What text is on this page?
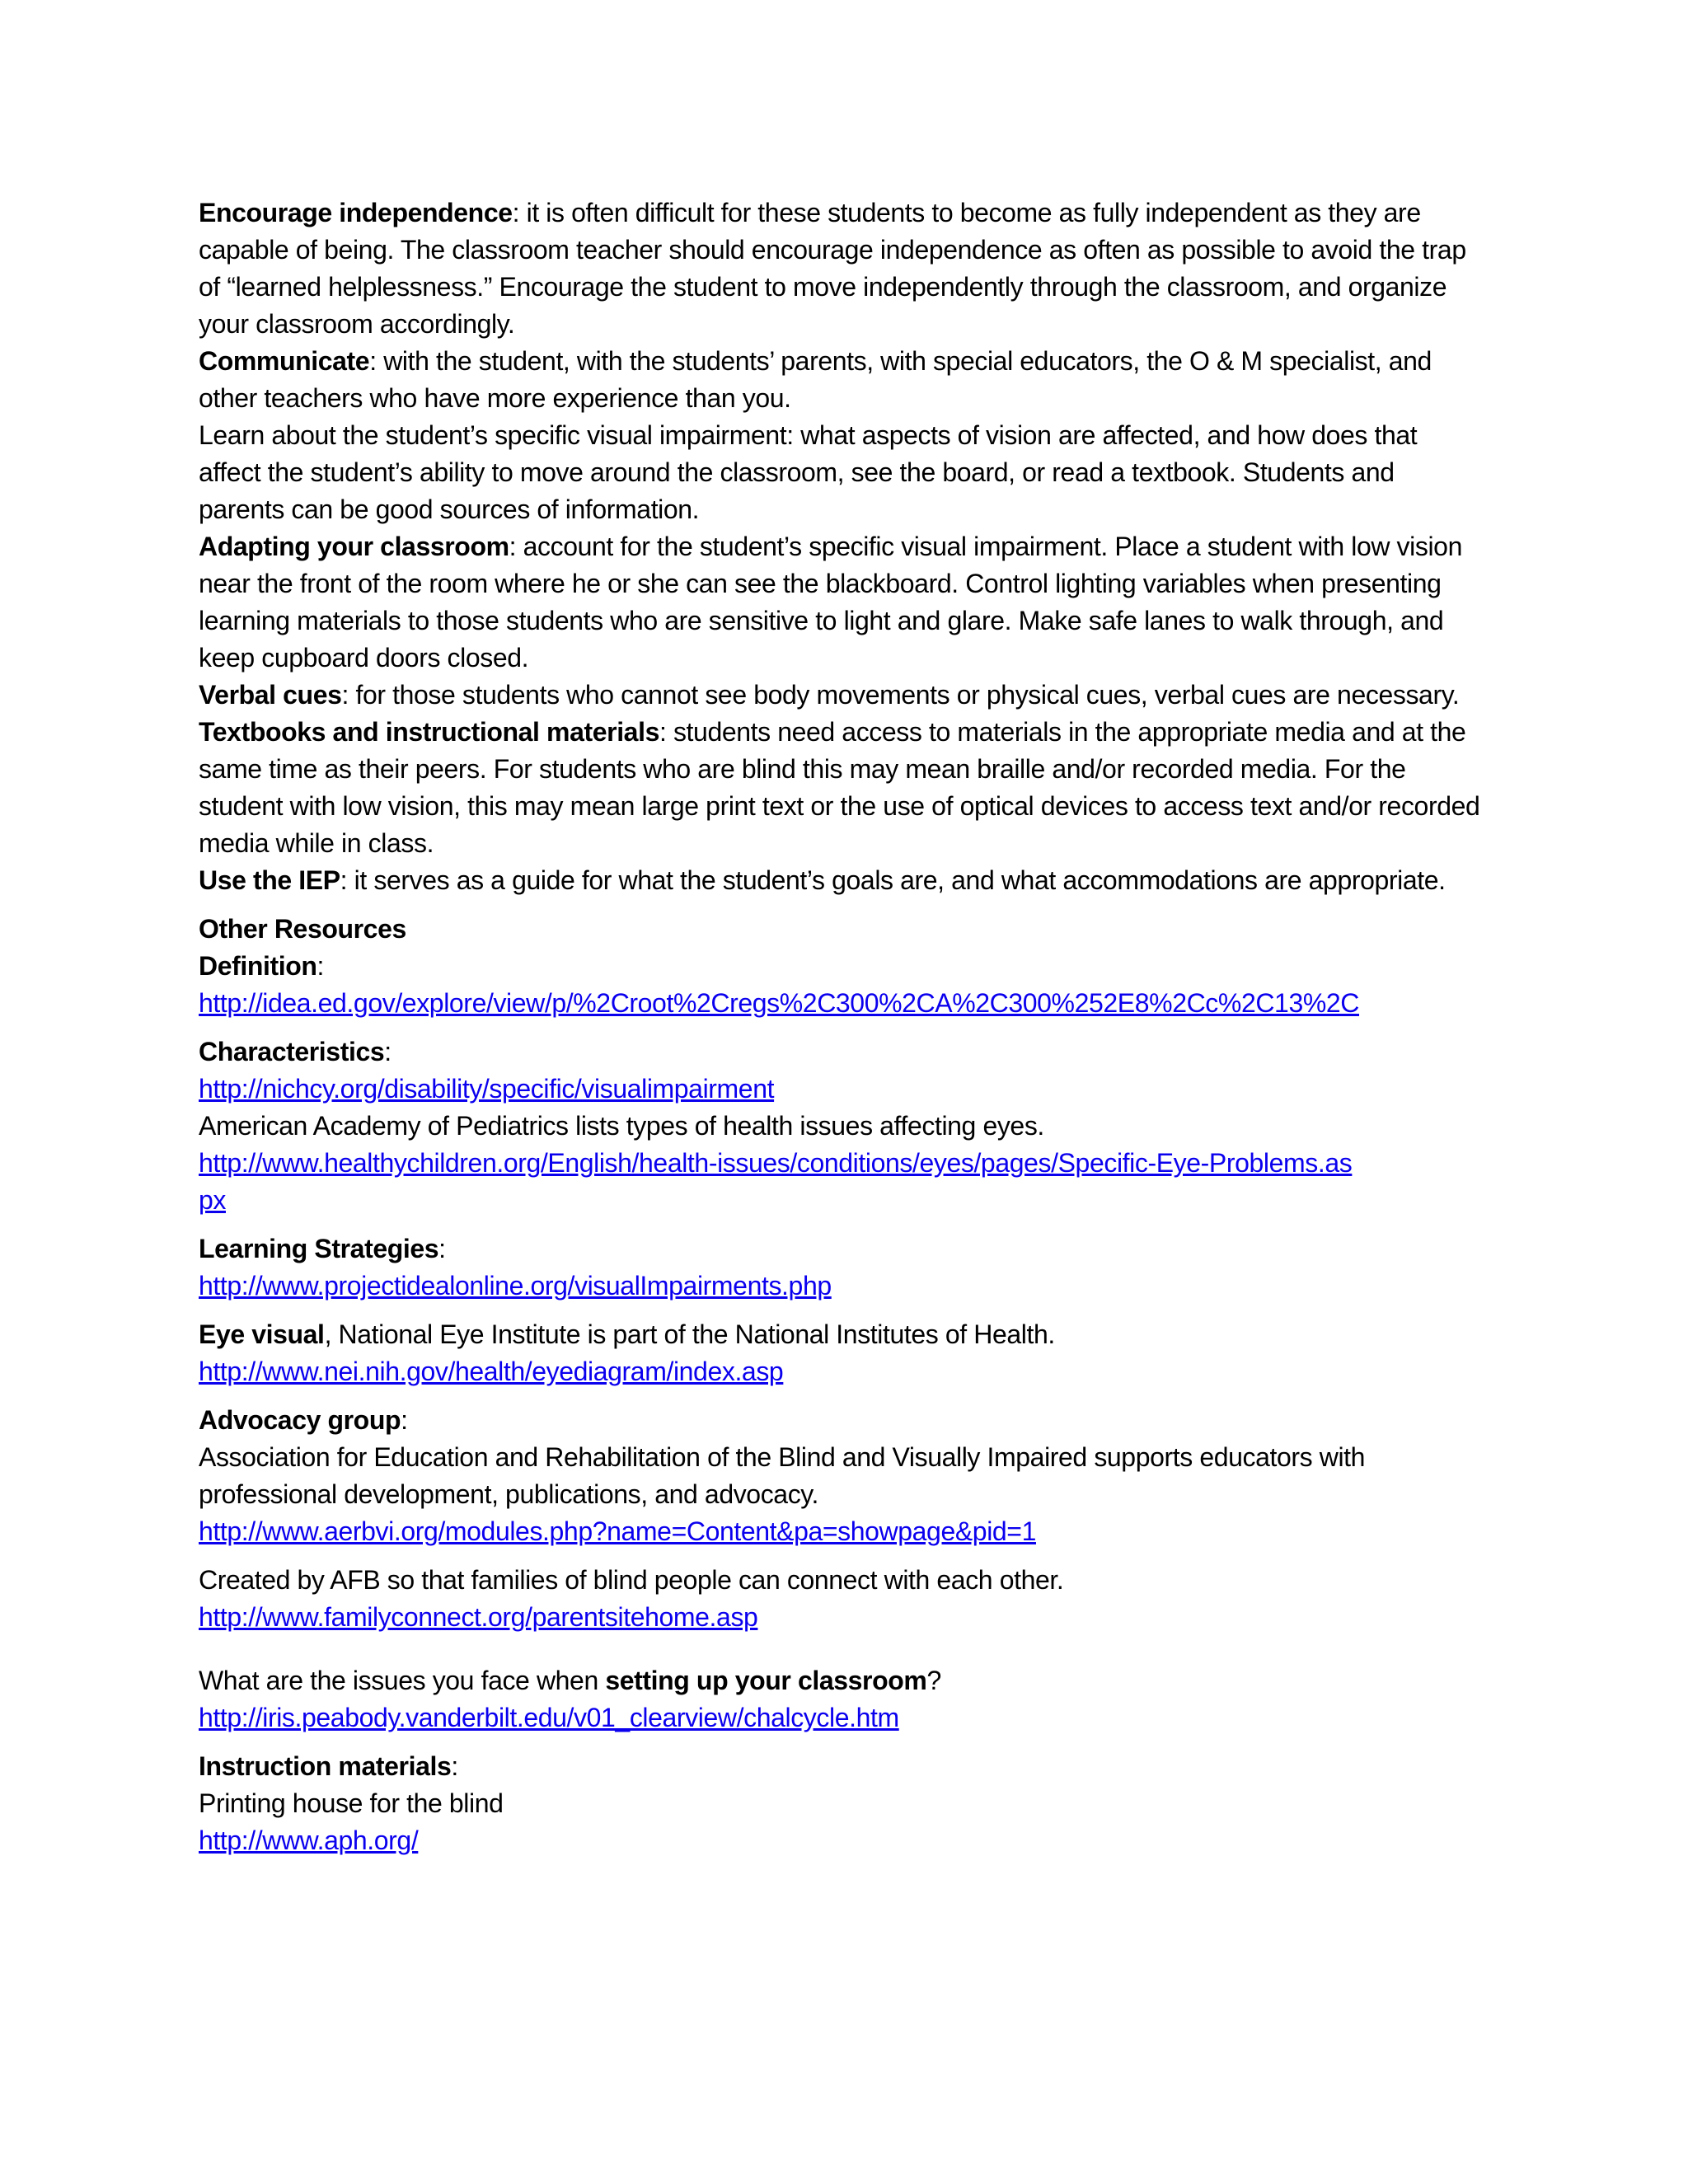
Encourage independence: it is often difficult for these students to become as fully independent as they are capable of being. The classroom teacher should encourage independence as often as possible to avoid the trap of “learned helplessness.” Encourage the student to move independently through the classroom, and organize your classroom accordingly.

Communicate: with the student, with the students’ parents, with special educators, the O & M specialist, and other teachers who have more experience than you.

Learn about the student’s specific visual impairment: what aspects of vision are affected, and how does that affect the student’s ability to move around the classroom, see the board, or read a textbook. Students and parents can be good sources of information.

Adapting your classroom: account for the student’s specific visual impairment. Place a student with low vision near the front of the room where he or she can see the blackboard. Control lighting variables when presenting learning materials to those students who are sensitive to light and glare. Make safe lanes to walk through, and keep cupboard doors closed.

Verbal cues: for those students who cannot see body movements or physical cues, verbal cues are necessary.

Textbooks and instructional materials: students need access to materials in the appropriate media and at the same time as their peers. For students who are blind this may mean braille and/or recorded media. For the student with low vision, this may mean large print text or the use of optical devices to access text and/or recorded media while in class.

Use the IEP: it serves as a guide for what the student’s goals are, and what accommodations are appropriate.

Other Resources

Definition:

http://idea.ed.gov/explore/view/p/%2Croot%2Cregs%2C300%2CA%2C300%252E8%2Cc%2C13%2C

Characteristics:

http://nichcy.org/disability/specific/visualimpairment

American Academy of Pediatrics lists types of health issues affecting eyes.

http://www.healthychildren.org/English/health-issues/conditions/eyes/pages/Specific-Eye-Problems.aspx

Learning Strategies:

http://www.projectidealonline.org/visualImpairments.php

Eye visual, National Eye Institute is part of the National Institutes of Health.

http://www.nei.nih.gov/health/eyediagram/index.asp

Advocacy group:

Association for Education and Rehabilitation of the Blind and Visually Impaired supports educators with professional development, publications, and advocacy.

http://www.aerbvi.org/modules.php?name=Content&pa=showpage&pid=1

Created by AFB so that families of blind people can connect with each other.

http://www.familyconnect.org/parentsitehome.asp

What are the issues you face when setting up your classroom?

http://iris.peabody.vanderbilt.edu/v01_clearview/chalcycle.htm

Instruction materials:

Printing house for the blind

http://www.aph.org/
